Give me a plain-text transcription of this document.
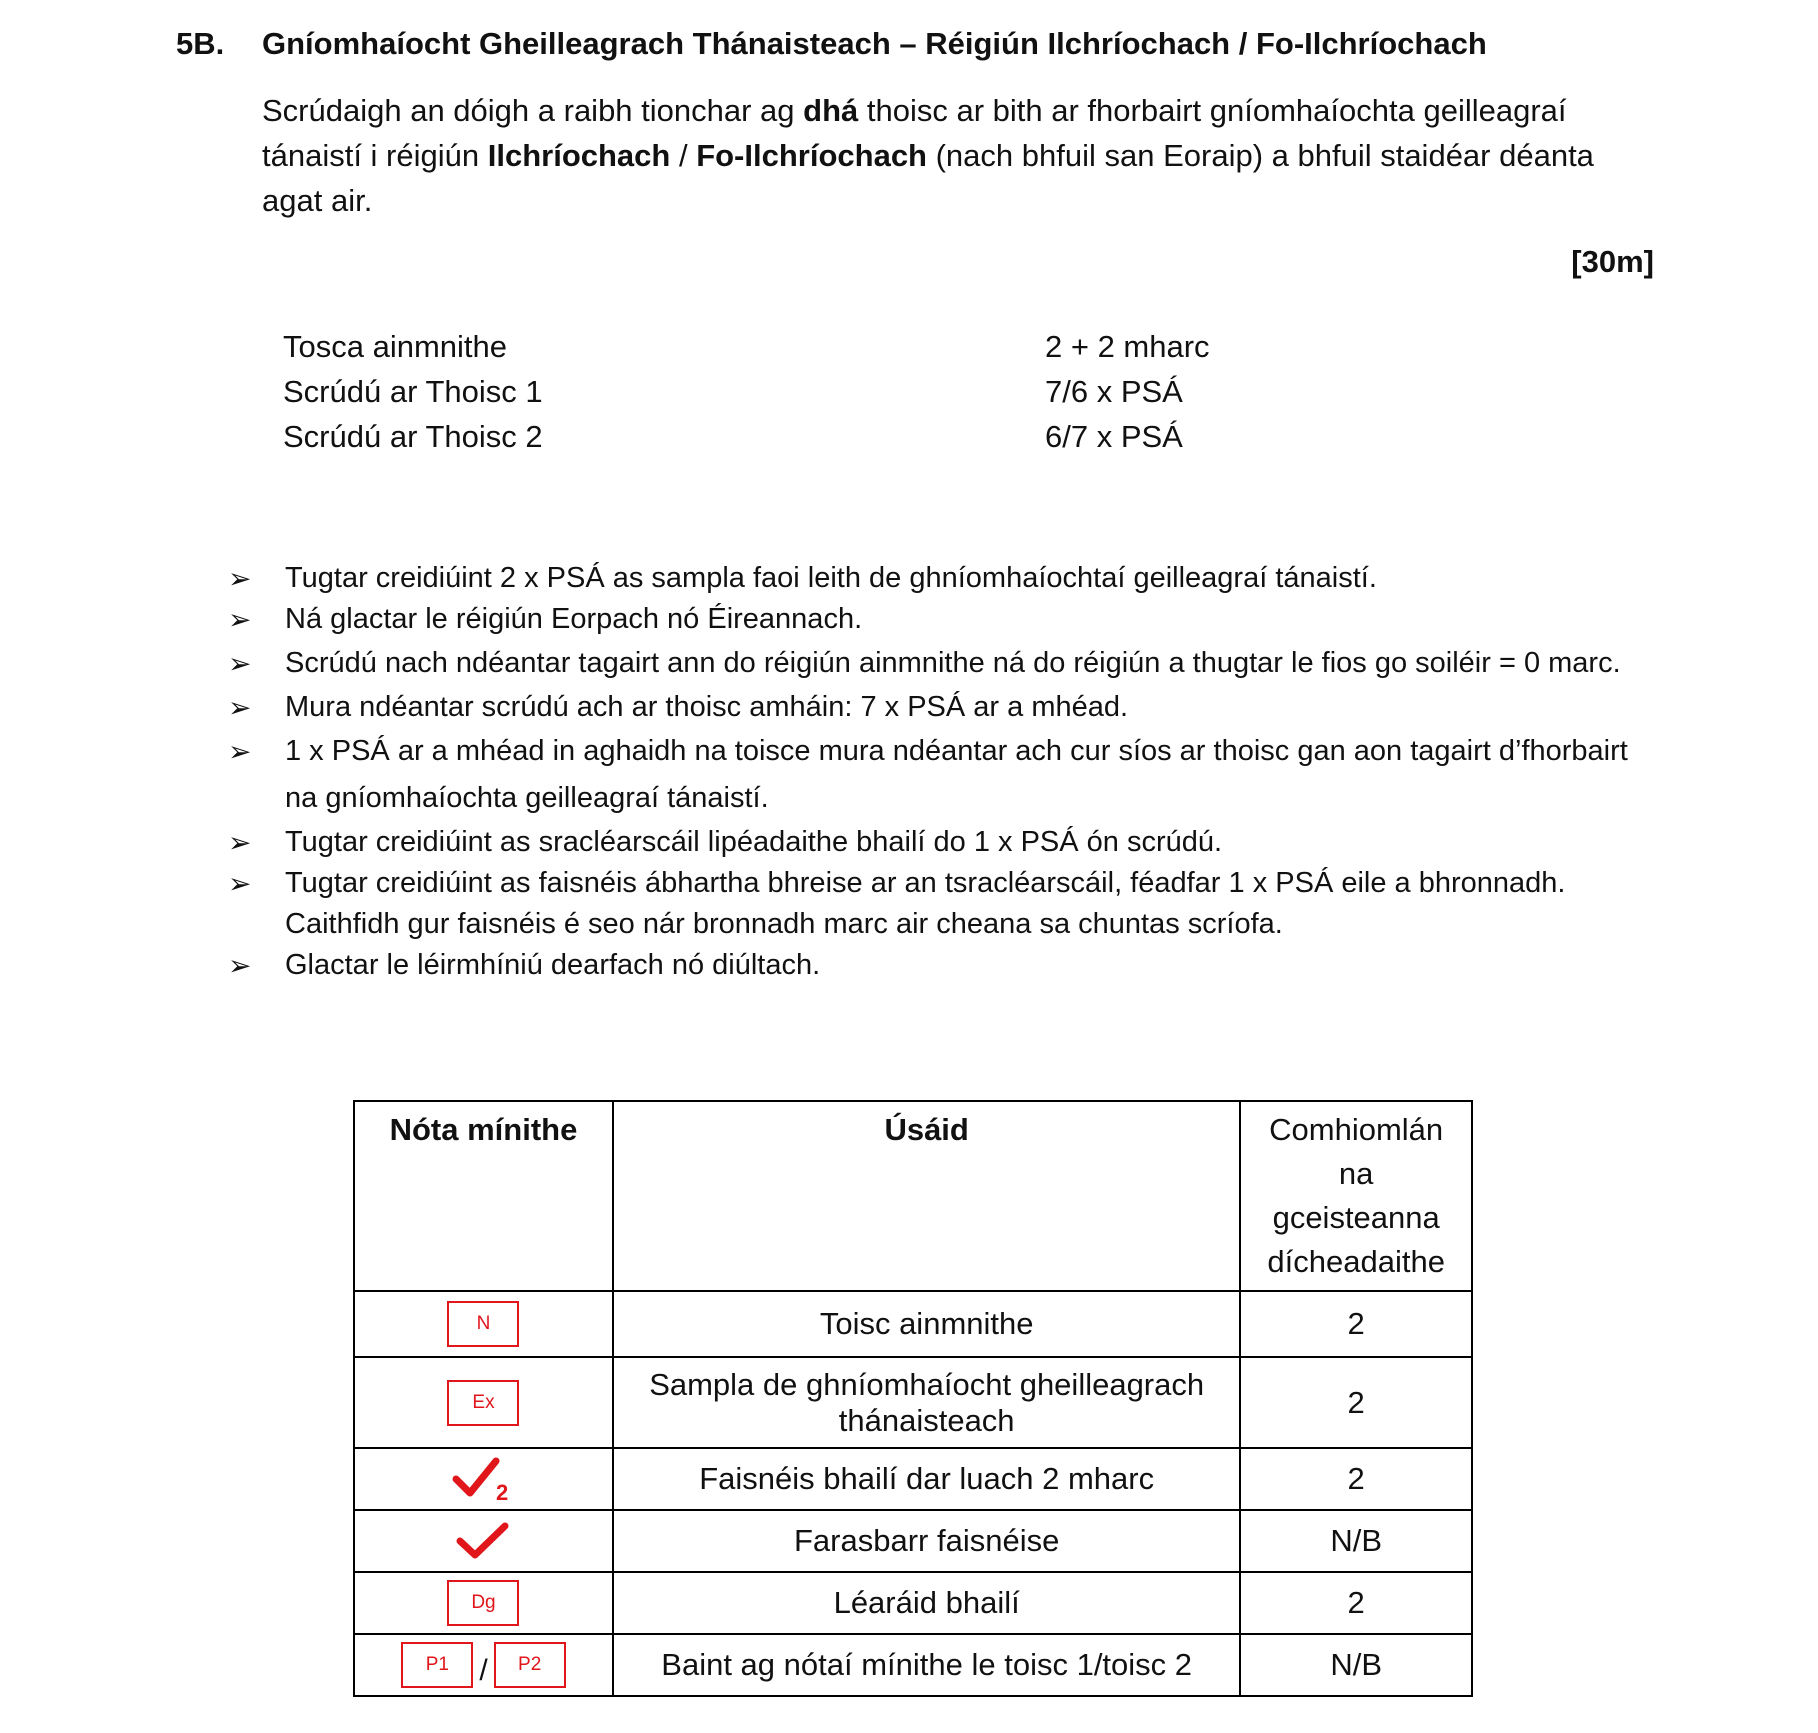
5B. Gníomhaíocht Gheilleagrach Thánaisteach – Réigiún Ilchríochach / Fo-Ilchríochach
Scrúdaigh an dóigh a raibh tionchar ag dhá thoisc ar bith ar fhorbairt gníomhaíochta geilleagraí tánaistí i réigiún Ilchríochach / Fo-Ilchríochach (nach bhfuil san Eoraip) a bhfuil staidéar déanta agat air.
[30m]
Tosca ainmnithe	2 + 2 mharc
Scrúdú ar Thoisc 1	7/6 x PSÁ
Scrúdú ar Thoisc 2	6/7 x PSÁ
➢ Tugtar creidiúint 2 x PSÁ as sampla faoi leith de ghníomhaíochtaí geilleagraí tánaistí.
➢ Ná glactar le réigiún Eorpach nó Éireannach.
➢ Scrúdú nach ndéantar tagairt ann do réigiún ainmnithe ná do réigiún a thugtar le fios go soiléir = 0 marc.
➢ Mura ndéantar scrúdú ach ar thoisc amháin: 7 x PSÁ ar a mhéad.
➢ 1 x PSÁ ar a mhéad in aghaidh na toisce mura ndéantar ach cur síos ar thoisc gan aon tagairt d’fhorbairt na gníomhaíochta geilleagraí tánaistí.
➢ Tugtar creidiúint as sracléarscáil lipéadaithe bhailí do 1 x PSÁ ón scrúdú.
➢ Tugtar creidiúint as faisnéis ábhartha bhreise ar an tsracléarscáil, féadfar 1 x PSÁ eile a bhronnadh. Caithfidh gur faisnéis é seo nár bronnadh marc air cheana sa chuntas scríofa.
➢ Glactar le léirmhíniú dearfach nó diúltach.
Nóta mínithe	Úsáid	Comhiomlán na gceisteanna dícheadaithe
N	Toisc ainmnithe	2
Ex	Sampla de ghníomhaíocht gheilleagrach thánaisteach	2

2	Faisnéis bhailí dar luach 2 mharc	2

	Farasbarr faisnéise	N/B
Dg	Léaráid bhailí	2
P1 / P2	Baint ag nótaí mínithe le toisc 1/toisc 2	N/B
